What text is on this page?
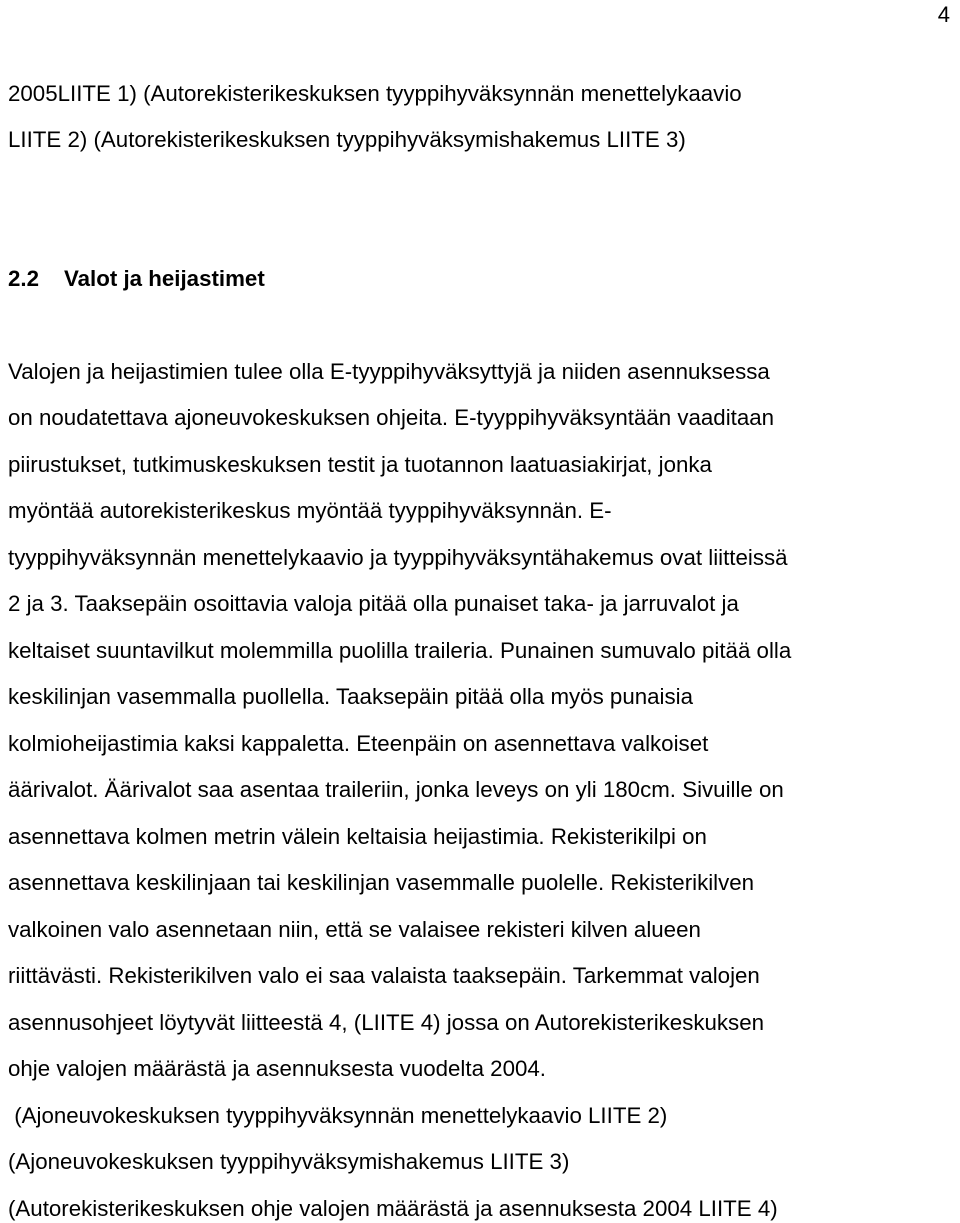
4
2005LIITE 1) (Autorekisterikeskuksen tyyppihyväksynnän menettelykaavio
LIITE 2) (Autorekisterikeskuksen tyyppihyväksymishakemus LIITE 3)
2.2 Valot ja heijastimet
Valojen ja heijastimien tulee olla E-tyyppihyväksyttyjä ja niiden asennuksessa
on noudatettava ajoneuvokeskuksen ohjeita. E-tyyppihyväksyntään vaaditaan
piirustukset, tutkimuskeskuksen testit ja tuotannon laatuasiakirjat, jonka
myöntää autorekisterikeskus myöntää tyyppihyväksynnän. E-
tyyppihyväksynnän menettelykaavio ja tyyppihyväksyntähakemus ovat liitteissä
2 ja 3. Taaksepäin osoittavia valoja pitää olla punaiset taka- ja jarruvalot ja
keltaiset suuntavilkut molemmilla puolilla traileria. Punainen sumuvalo pitää olla
keskilinjan vasemmalla puollella. Taaksepäin pitää olla myös punaisia
kolmioheijastimia kaksi kappaletta. Eteenpäin on asennettava valkoiset
äärivalot. Äärivalot saa asentaa traileriin, jonka leveys on yli 180cm. Sivuille on
asennettava kolmen metrin välein keltaisia heijastimia. Rekisterikilpi on
asennettava keskilinjaan tai keskilinjan vasemmalle puolelle. Rekisterikilven
valkoinen valo asennetaan niin, että se valaisee rekisteri kilven alueen
riittävästi. Rekisterikilven valo ei saa valaista taaksepäin. Tarkemmat valojen
asennusohjeet löytyvät liitteestä 4, (LIITE 4) jossa on Autorekisterikeskuksen
ohje valojen määrästä ja asennuksesta vuodelta 2004.
(Ajoneuvokeskuksen tyyppihyväksynnän menettelykaavio LIITE 2)
(Ajoneuvokeskuksen tyyppihyväksymishakemus LIITE 3)
(Autorekisterikeskuksen ohje valojen määrästä ja asennuksesta 2004 LIITE 4)
